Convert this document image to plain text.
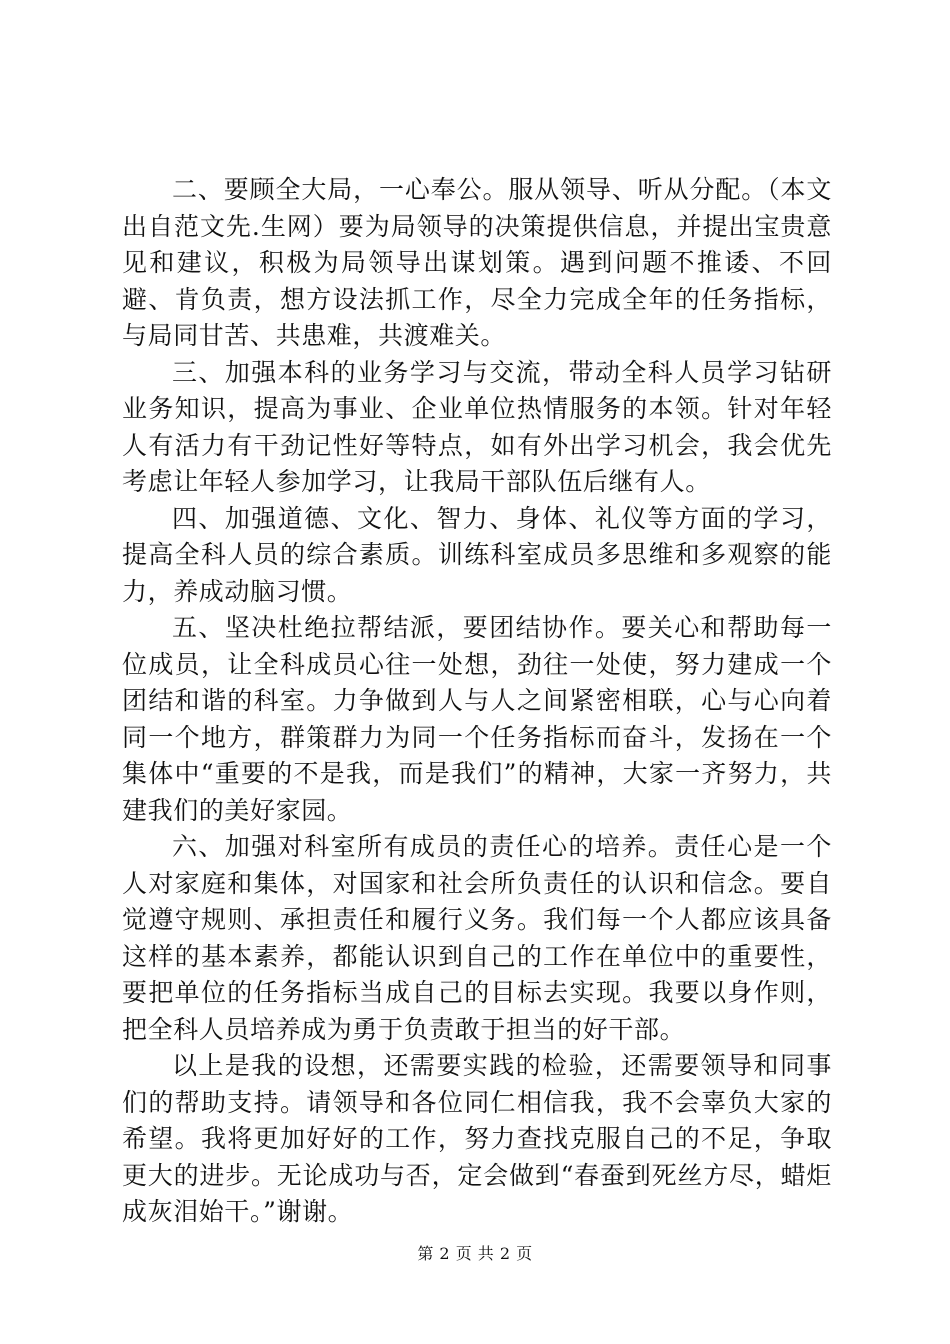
二、要顾全大局，一心奉公。服从领导、听从分配。（本文出自范文先.生网）要为局领导的决策提供信息，并提出宝贵意见和建议，积极为局领导出谋划策。遇到问题不推诿、不回避、肯负责，想方设法抓工作，尽全力完成全年的任务指标，与局同甘苦、共患难，共渡难关。

三、加强本科的业务学习与交流，带动全科人员学习钻研业务知识，提高为事业、企业单位热情服务的本领。针对年轻人有活力有干劲记性好等特点，如有外出学习机会，我会优先考虑让年轻人参加学习，让我局干部队伍后继有人。

四、加强道德、文化、智力、身体、礼仪等方面的学习，提高全科人员的综合素质。训练科室成员多思维和多观察的能力，养成动脑习惯。

五、坚决杜绝拉帮结派，要团结协作。要关心和帮助每一位成员，让全科成员心往一处想，劲往一处使，努力建成一个团结和谐的科室。力争做到人与人之间紧密相联，心与心向着同一个地方，群策群力为同一个任务指标而奋斗，发扬在一个集体中“重要的不是我，而是我们”的精神，大家一齐努力，共建我们的美好家园。

六、加强对科室所有成员的责任心的培养。责任心是一个人对家庭和集体，对国家和社会所负责任的认识和信念。要自觉遵守规则、承担责任和履行义务。我们每一个人都应该具备这样的基本素养，都能认识到自己的工作在单位中的重要性，要把单位的任务指标当成自己的目标去实现。我要以身作则，把全科人员培养成为勇于负责敢于担当的好干部。

以上是我的设想，还需要实践的检验，还需要领导和同事们的帮助支持。请领导和各位同仁相信我，我不会辜负大家的希望。我将更加好好的工作，努力查找克服自己的不足，争取更大的进步。无论成功与否，定会做到“春蚕到死丝方尽，蜡炬成灰泪始干。”谢谢。

第 2 页 共 2 页
